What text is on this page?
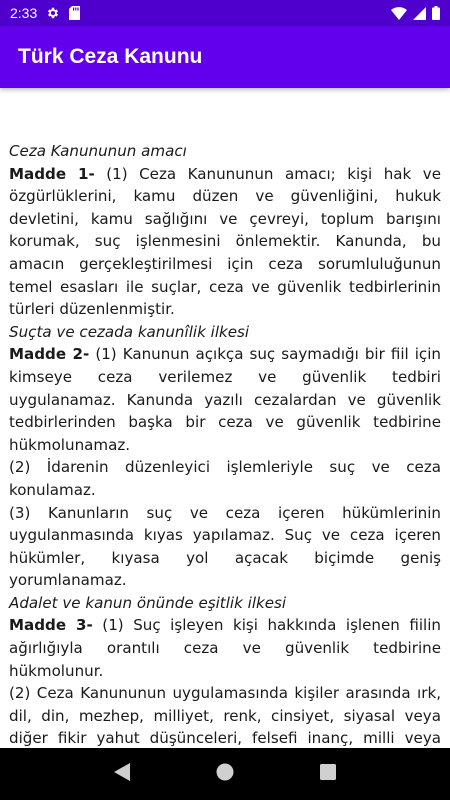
2:33
Türk Ceza Kanunu
Ceza Kanununun amacı

Madde 1- (1) Ceza Kanununun amacı; kişi hak ve özgürlüklerini, kamu düzen ve güvenliğini, hukuk devletini, kamu sağlığını ve çevreyi, toplum barışını korumak, suç işlenmesini önlemektir. Kanunda, bu amacın gerçekleştirilmesi için ceza sorumluluğunun temel esasları ile suçlar, ceza ve güvenlik tedbirlerinin türleri düzenlenmiştir.

Suçta ve cezada kanunîlik ilkesi

Madde 2- (1) Kanunun açıkça suç saymadığı bir fiil için kimseye ceza verilemez ve güvenlik tedbiri uygulanamaz. Kanunda yazılı cezalardan ve güvenlik tedbirlerinden başka bir ceza ve güvenlik tedbirine hükmolunamaz.

(2) İdarenin düzenleyici işlemleriyle suç ve ceza konulamaz.

(3) Kanunların suç ve ceza içeren hükümlerinin uygulanmasında kıyas yapılamaz. Suç ve ceza içeren hükümler, kıyasa yol açacak biçimde geniş yorumlanamaz.

Adalet ve kanun önünde eşitlik ilkesi

Madde 3- (1) Suç işleyen kişi hakkında işlenen fiilin ağırlığıyla orantılı ceza ve güvenlik tedbirine hükmolunur.

(2) Ceza Kanununun uygulamasında kişiler arasında ırk, dil, din, mezhep, milliyet, renk, cinsiyet, siyasal veya diğer fikir yahut düşünceleri, felsefi inanç, milli veya
